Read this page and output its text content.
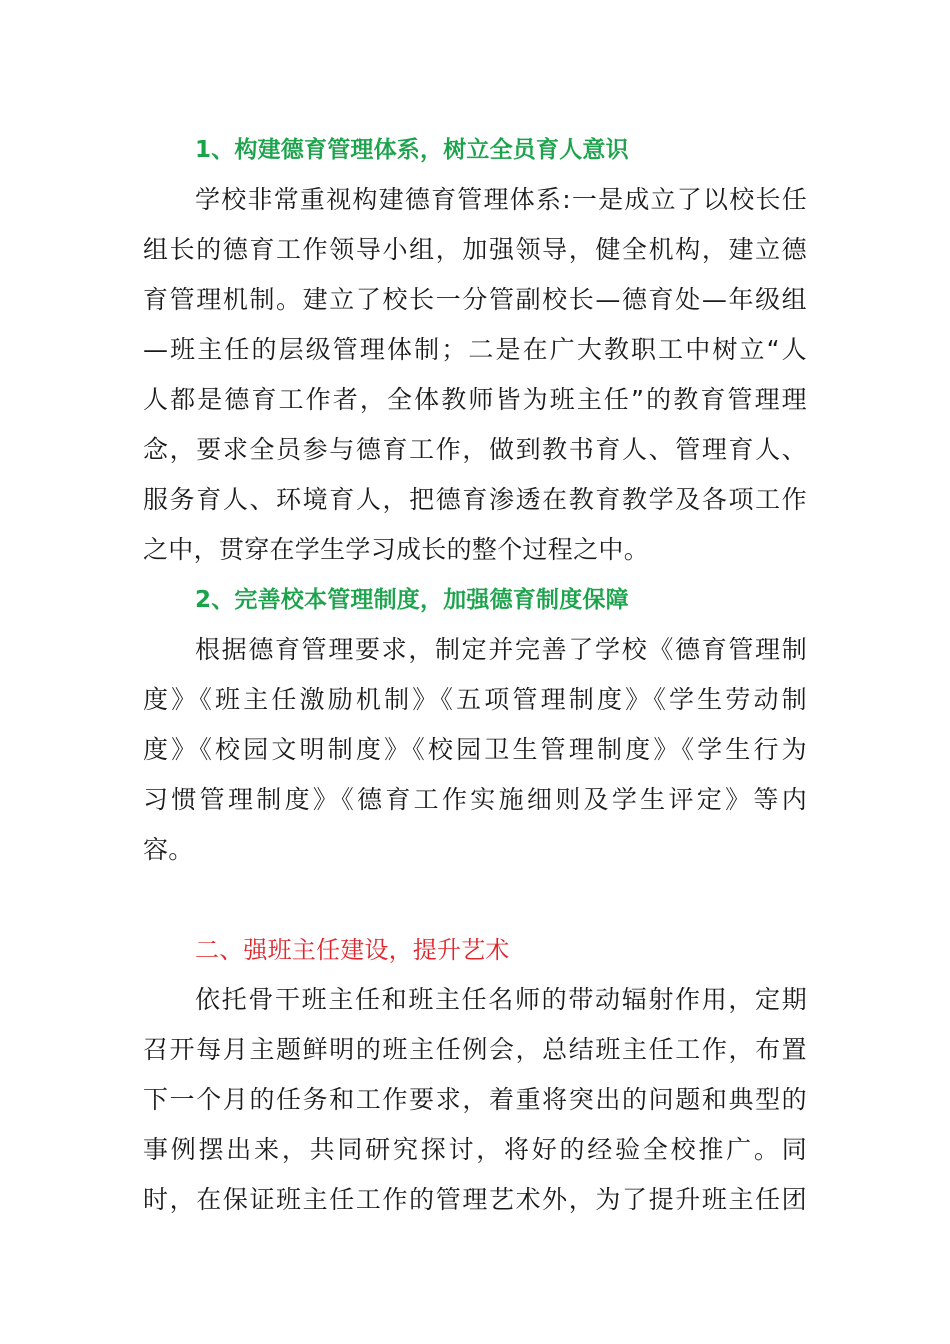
1、构建德育管理体系，树立全员育人意识
学校非常重视构建德育管理体系:一是成立了以校长任
组长的德育工作领导小组，加强领导，健全机构，建立德
育管理机制。建立了校长一分管副校长—德育处—年级组
—班主任的层级管理体制；二是在广大教职工中树立“人
人都是德育工作者，全体教师皆为班主任”的教育管理理
念，要求全员参与德育工作，做到教书育人、管理育人、
服务育人、环境育人，把德育渗透在教育教学及各项工作
之中，贯穿在学生学习成长的整个过程之中。
2、完善校本管理制度，加强德育制度保障
根据德育管理要求，制定并完善了学校《德育管理制
度》《班主任激励机制》《五项管理制度》《学生劳动制
度》《校园文明制度》《校园卫生管理制度》《学生行为
习惯管理制度》《德育工作实施细则及学生评定》等内
容。
二、强班主任建设，提升艺术
依托骨干班主任和班主任名师的带动辐射作用，定期
召开每月主题鲜明的班主任例会，总结班主任工作，布置
下一个月的任务和工作要求，着重将突出的问题和典型的
事例摆出来，共同研究探讨，将好的经验全校推广。同
时，在保证班主任工作的管理艺术外，为了提升班主任团
